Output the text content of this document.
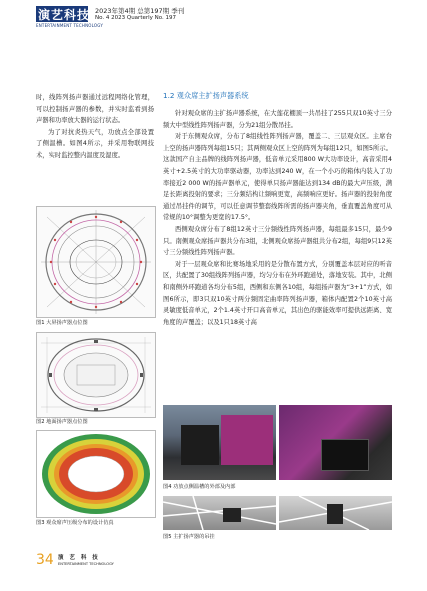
演艺科技
ENTERTAINMENT TECHNOLOGY
2023年第4期 总第197期 季刊
No. 4 2023 Quarterly No. 197

时，线阵列扬声器通过远程网络化管理，可以控制扬声器的参数，并实时监看到扬声器和功率放大器的运行状态。

为了对抗炎热天气，功放点全部设置了侧温槽。如图4所示，并采用物联网技术，实时监控整内温度及湿度。

图1 大屏扬声器点位图
图2 地面扬声器点位图
图3 观众席声压级分布的设计仿真
1.2 观众席主扩扬声器系统

针对观众席的主扩扬声器系统，在大莲花棚顶一共吊挂了255只双10英寸三分频大中型线性阵列扬声器，分为21组分散吊挂。

对于东侧观众席，分布了8组线性阵列扬声器，覆盖二、三层观众区。主席台上空的扬声器阵列每组15只；其两侧观众区上空的阵列为每组12只，如图5所示。这款国产自主品牌的线阵列扬声器，低音单元采用800 W大功率设计，高音采用4英寸+2.5英寸的大功率驱动器，功率达到240 W，在一个小巧的箱体内装入了功率接近2 000 W的扬声器单元，使得单只扬声器能达到134 dB的最大声压级，满足长距离投射的要求；三分频结构让频响更宽，高频响应更好。扬声器的投射角度通过吊挂件的调节，可以任意调节整套线阵所需的扬声器夹角，垂直覆盖角度可从常规的10°调整为更宽的17.5°。

西侧观众席分布了8组12英寸三分频线性阵列扬声器，每组最多15只，最少9只。南侧观众席扬声器共分布3组，北侧观众席扬声器组共分布2组，每组9只12英寸三分频线性阵列扬声器。

对于一层观众席和比赛场地采用的是分散布置方式，分别覆盖本层对应的听音区，共配置了30组线阵列扬声器，均匀分布在外环跑道处，落地安装。其中，北侧和南侧外环跑道各均分布5组，西侧和东侧各10组，每组扬声器为“3+1”方式，如图6所示，即3只双10英寸两分频固定曲率阵列扬声器，箱体内配置2个10英寸高灵敏度低音单元，2个1.4英寸开口高音单元，其出色的驱能效率可提供远距离、宽角度的声覆盖；以及1只18英寸高

图4 功放点侧温槽的外部及内部
图5 主扩扬声器的吊挂
34 演 艺 科 技
ENTERTAINMENT TECHNOLOGY
